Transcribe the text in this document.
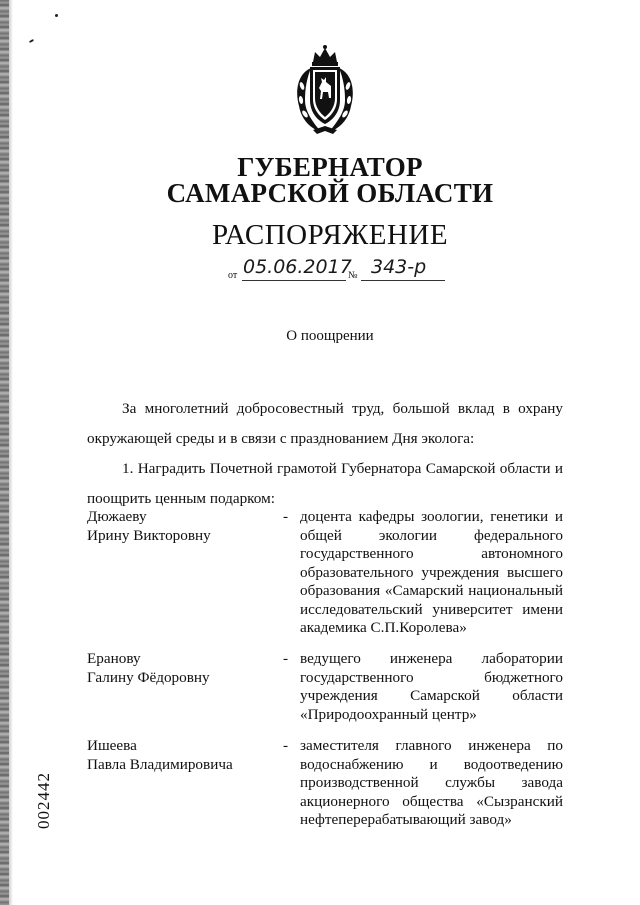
ГУБЕРНАТОР
САМАРСКОЙ ОБЛАСТИ
РАСПОРЯЖЕНИЕ
от 05.06.2017
№ 343-р
О поощрении
За многолетний добросовестный труд, большой вклад в охрану окружающей среды и в связи с празднованием Дня эколога:
1. Наградить Почетной грамотой Губернатора Самарской области и поощрить ценным подарком:
Дюжаеву
Ирину Викторовну
- доцента кафедры зоологии, генетики и общей экологии федерального государственного автономного образовательного учреждения высшего образования «Самарский национальный исследовательский университет имени академика С.П.Королева»
Еранову
Галину Фёдоровну
- ведущего инженера лаборатории государственного бюджетного учреждения Самарской области «Природоохранный центр»
Ишеева
Павла Владимировича
- заместителя главного инженера по водоснабжению и водоотведению производственной службы завода акционерного общества «Сызранский нефтеперерабатывающий завод»
002442
